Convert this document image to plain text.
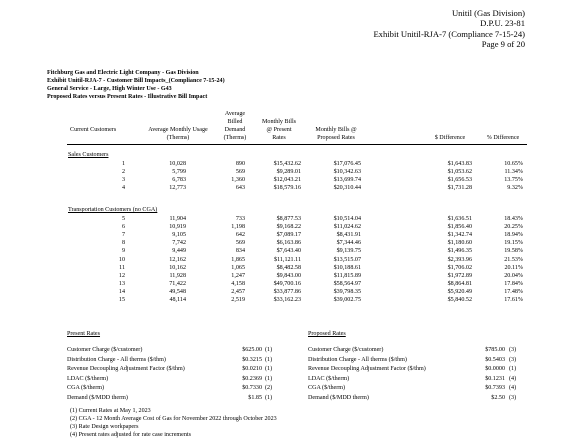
Unitil (Gas Division)
D.P.U. 23-81
Exhibit Unitil-RJA-7 (Compliance 7-15-24)
Page 9 of 20
Fitchburg Gas and Electric Light Company - Gas Division
Exhibit Unitil-RJA-7 - Customer Bill Impacts_(Compliance 7-15-24)
General Service - Large, High Winter Use - G43
Proposed Rates versus Present Rates - Illustrative Bill Impact
Current Customers	Average Monthly Usage
(Therms)
Average
Billed
Demand
(Therms)
Monthly Bills
@ Present
Rates
Monthly Bills @
Proposed Rates	$ Difference	% Difference
Sales Customers
1	10,028	890	$15,432.62	$17,076.45	$1,643.83	10.65%
2	5,799	569	$9,289.01	$10,342.63	$1,053.62	11.34%
3	6,783	1,360	$12,043.21	$13,699.74	$1,656.53	13.75%
4	12,773	643	$18,579.16	$20,310.44	$1,731.28	9.32%
Transportation Customers (no CGA)
5	11,904	733	$8,877.53	$10,514.04	$1,636.51	18.43%
6	10,919	1,198	$9,168.22	$11,024.62	$1,856.40	20.25%
7	9,105	642	$7,089.17	$8,431.91	$1,342.74	18.94%
8	7,742	569	$6,163.86	$7,344.46	$1,180.60	19.15%
9	9,449	834	$7,643.40	$9,139.75	$1,496.35	19.58%
10	12,162	1,865	$11,121.11	$13,515.07	$2,393.96	21.53%
11	10,162	1,065	$8,482.58	$10,188.61	$1,706.02	20.11%
12	11,928	1,247	$9,843.00	$11,815.89	$1,972.89	20.04%
13	71,422	4,158	$49,700.16	$58,564.97	$8,864.81	17.84%
14	49,548	2,457	$33,877.86	$39,798.35	$5,920.49	17.48%
15	48,114	2,519	$33,162.23	$39,002.75	$5,840.52	17.61%
Present Rates
Customer Charge ($/customer)	$625.00 (1)
Distribution Charge - All therms ($/thm)	$0.3215 (1)
Revenue Decoupling Adjustment Factor ($/thm)	$0.0210 (1)
LDAC ($/therm)	$0.2369 (1)
CGA ($/therm)	$0.7330 (2)
Demand ($/MDD therm)	$1.85 (1)
Proposed Rates
Customer Charge ($/customer)	$785.00 (3)
Distribution Charge - All therms ($/thm)	$0.5403 (3)
Revenue Decoupling Adjustment Factor ($/thm)	$0.0000 (1)
LDAC ($/therm)	$0.1231 (4)
CGA ($/therm)	$0.7393 (4)
Demand ($/MDD therm)	$2.50 (3)
(1) Current Rates at May 1, 2023
(2) CGA - 12 Month Average Cost of Gas for November 2022 through October 2023
(3) Rate Design workpapers
(4) Present rates adjusted for rate case increments
